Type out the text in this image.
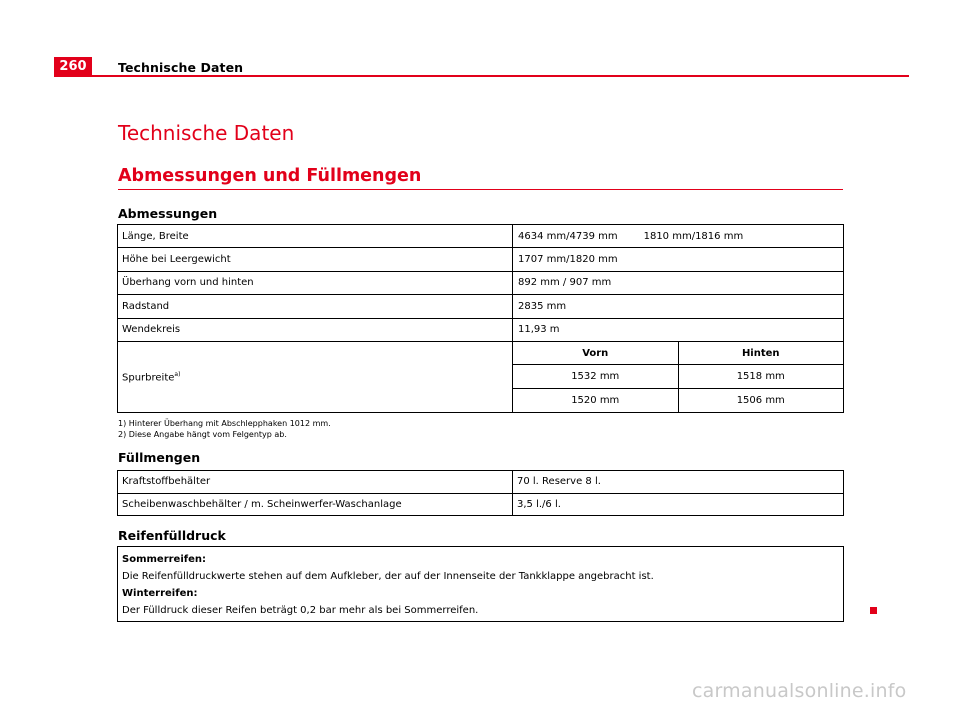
260	Technische Daten
Technische Daten
Abmessungen und Füllmengen
Abmessungen
Länge, Breite	4634 mm/4739 mm	1810 mm/1816 mm
Höhe bei Leergewicht	1707 mm/1820 mm
Überhang vorn und hinten	892 mm / 907 mm
Radstand	2835 mm
Wendekreis	11,93 m
Spurbreite$^{a)}$	
Vorn	Hinten
1532 mm	1518 mm
1520 mm	1506 mm
1) Hinterer Überhang mit Abschlepphaken 1012 mm.
2) Diese Angabe hängt vom Felgentyp ab.
Füllmengen
Kraftstoffbehälter	70 l. Reserve 8 l.
Scheibenwaschbehälter / m. Scheinwerfer-Waschanlage	3,5 l./6 l.
Reifenfülldruck
Sommerreifen:
Die Reifenfülldruckwerte stehen auf dem Aufkleber, der auf der Innenseite der Tankklappe angebracht ist.
Winterreifen:
Der Fülldruck dieser Reifen beträgt 0,2 bar mehr als bei Sommerreifen.
carmanualsonline.info
